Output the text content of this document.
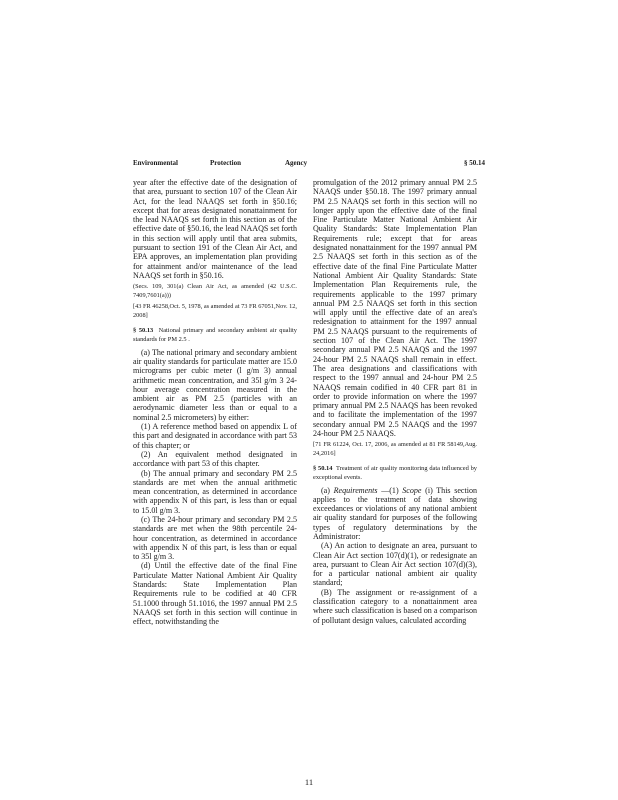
Environmental	Protection	Agency	§ 50.14

year after the effective date of the designation of that area, pursuant to section 107 of the Clean Air Act, for the lead NAAQS set forth in §50.16; except that for areas designated nonattainment for the lead NAAQS set forth in this section as of the effective date of §50.16, the lead NAAQS set forth in this section will apply until that area submits, pursuant to section 191 of the Clean Air Act, and EPA approves, an implementation plan providing for attainment and/or maintenance of the lead NAAQS set forth in §50.16.

(Secs. 109, 301(a) Clean Air Act, as amended (42 U.S.C. 7409,7601(a)))

[43 FR 46258,Oct. 5, 1978, as amended at 73 FR 67051,Nov. 12, 2008]

§ 50.13 National primary and secondary ambient air quality standards for PM 2.5 .

(a) The national primary and secondary ambient air quality standards for particulate matter are 15.0 micrograms per cubic meter (l g/m 3) annual arithmetic mean concentration, and 35l g/m 3 24-hour average concentration measured in the ambient air as PM 2.5 (particles with an aerodynamic diameter less than or equal to a nominal 2.5 micrometers) by either:

(1) A reference method based on appendix L of this part and designated in accordance with part 53 of this chapter; or

(2) An equivalent method designated in accordance with part 53 of this chapter.

(b) The annual primary and secondary PM 2.5 standards are met when the annual arithmetic mean concentration, as determined in accordance with appendix N of this part, is less than or equal to 15.0l g/m 3.

(c) The 24-hour primary and secondary PM 2.5 standards are met when the 98th percentile 24-hour concentration, as determined in accordance with appendix N of this part, is less than or equal to 35l g/m 3.

(d) Until the effective date of the final Fine Particulate Matter National Ambient Air Quality Standards: State Implementation Plan Requirements rule to be codified at 40 CFR 51.1000 through 51.1016, the 1997 annual PM 2.5 NAAQS set forth in this section will continue in effect, notwithstanding the

promulgation of the 2012 primary annual PM 2.5 NAAQS under §50.18. The 1997 primary annual PM 2.5 NAAQS set forth in this section will no longer apply upon the effective date of the final Fine Particulate Matter National Ambient Air Quality Standards: State Implementation Plan Requirements rule; except that for areas designated nonattainment for the 1997 annual PM 2.5 NAAQS set forth in this section as of the effective date of the final Fine Particulate Matter National Ambient Air Quality Standards: State Implementation Plan Requirements rule, the requirements applicable to the 1997 primary annual PM 2.5 NAAQS set forth in this section will apply until the effective date of an area's redesignation to attainment for the 1997 annual PM 2.5 NAAQS pursuant to the requirements of section 107 of the Clean Air Act. The 1997 secondary annual PM 2.5 NAAQS and the 1997 24-hour PM 2.5 NAAQS shall remain in effect. The area designations and classifications with respect to the 1997 annual and 24-hour PM 2.5 NAAQS remain codified in 40 CFR part 81 in order to provide information on where the 1997 primary annual PM 2.5 NAAQS has been revoked and to facilitate the implementation of the 1997 secondary annual PM 2.5 NAAQS and the 1997 24-hour PM 2.5 NAAQS.

[71 FR 61224, Oct. 17, 2006, as amended at 81 FR 58149,Aug. 24,2016]

§ 50.14 Treatment of air quality monitoring data influenced by exceptional events.

(a) Requirements —(1) Scope (i) This section applies to the treatment of data showing exceedances or violations of any national ambient air quality standard for purposes of the following types of regulatory determinations by the Administrator:

(A) An action to designate an area, pursuant to Clean Air Act section 107(d)(1), or redesignate an area, pursuant to Clean Air Act section 107(d)(3), for a particular national ambient air quality standard;

(B) The assignment or re-assignment of a classification category to a nonattainment area where such classification is based on a comparison of pollutant design values, calculated according

11
